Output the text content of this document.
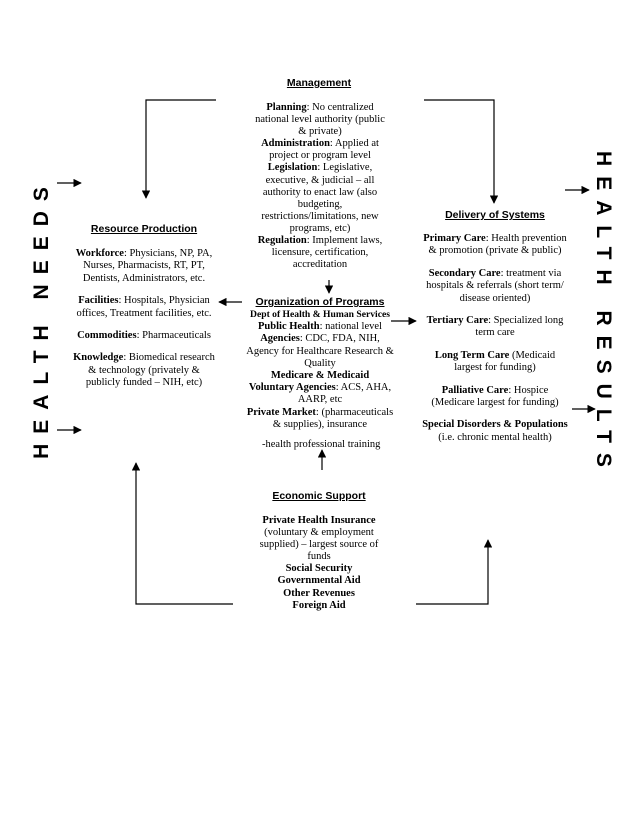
HEALTH NEEDS	HEALTH RESULTS
Management
Planning: No centralized national level authority (public & private)
Administration: Applied at project or program level
Legislation: Legislative, executive, & judicial – all authority to enact law (also budgeting, restrictions/limitations, new programs, etc)
Regulation: Implement laws, licensure, certification, accreditation
Resource Production

Workforce: Physicians, NP, PA, Nurses, Pharmacists, RT, PT, Dentists, Administrators, etc.

Facilities: Hospitals, Physician offices, Treatment facilities, etc.

Commodities: Pharmaceuticals

Knowledge: Biomedical research & technology (privately & publicly funded – NIH, etc)

Organization of Programs
Dept of Health & Human Services
Public Health: national level
Agencies: CDC, FDA, NIH, Agency for Healthcare Research & Quality
Medicare & Medicaid
Voluntary Agencies: ACS, AHA, AARP, etc
Private Market: (pharmaceuticals & supplies), insurance
-health professional training
Delivery of Systems

Primary Care: Health prevention & promotion (private & public)

Secondary Care: treatment via hospitals & referrals (short term/ disease oriented)

Tertiary Care: Specialized long term care

Long Term Care (Medicaid largest for funding)

Palliative Care: Hospice (Medicare largest for funding)

Special Disorders & Populations (i.e. chronic mental health)

Economic Support
Private Health Insurance
(voluntary & employment supplied) – largest source of funds
Social Security
Governmental Aid
Other Revenues
Foreign Aid
